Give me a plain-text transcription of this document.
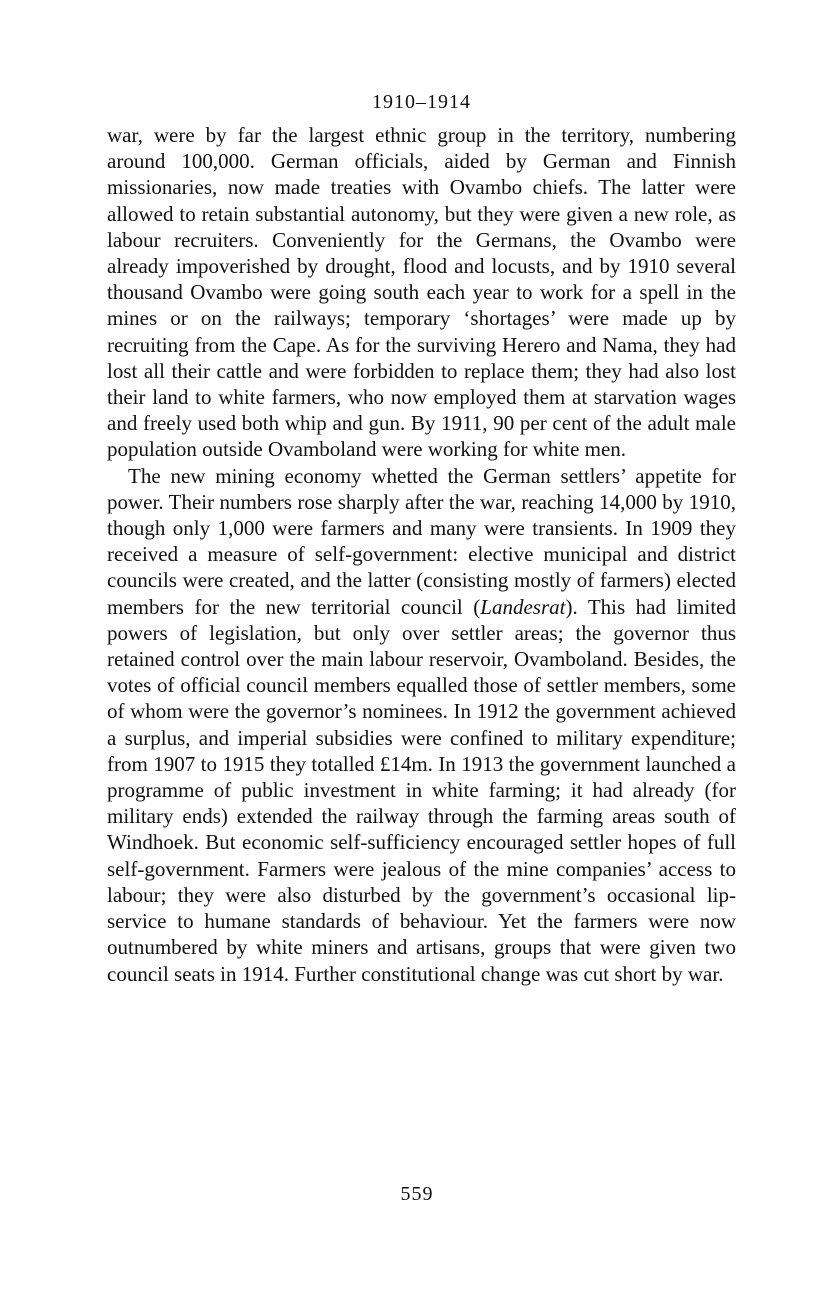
1910–1914

war, were by far the largest ethnic group in the territory, numbering around 100,000. German officials, aided by German and Finnish missionaries, now made treaties with Ovambo chiefs. The latter were allowed to retain substantial autonomy, but they were given a new role, as labour recruiters. Conveniently for the Germans, the Ovambo were already impoverished by drought, flood and locusts, and by 1910 several thousand Ovambo were going south each year to work for a spell in the mines or on the railways; temporary ‘shortages’ were made up by recruiting from the Cape. As for the surviving Herero and Nama, they had lost all their cattle and were forbidden to replace them; they had also lost their land to white farmers, who now employed them at starvation wages and freely used both whip and gun. By 1911, 90 per cent of the adult male population outside Ovamboland were working for white men.

The new mining economy whetted the German settlers’ appetite for power. Their numbers rose sharply after the war, reaching 14,000 by 1910, though only 1,000 were farmers and many were transients. In 1909 they received a measure of self-government: elective municipal and district councils were created, and the latter (consisting mostly of farmers) elected members for the new territorial council (Landesrat). This had limited powers of legislation, but only over settler areas; the governor thus retained control over the main labour reservoir, Ovamboland. Besides, the votes of official council members equalled those of settler members, some of whom were the governor’s nominees. In 1912 the government achieved a surplus, and imperial subsidies were confined to military expenditure; from 1907 to 1915 they totalled £14m. In 1913 the government launched a programme of public investment in white farming; it had already (for military ends) extended the railway through the farming areas south of Windhoek. But economic self-sufficiency encouraged settler hopes of full self-government. Farmers were jealous of the mine companies’ access to labour; they were also disturbed by the government’s occasional lip-service to humane standards of behaviour. Yet the farmers were now outnumbered by white miners and artisans, groups that were given two council seats in 1914. Further constitutional change was cut short by war.

559
